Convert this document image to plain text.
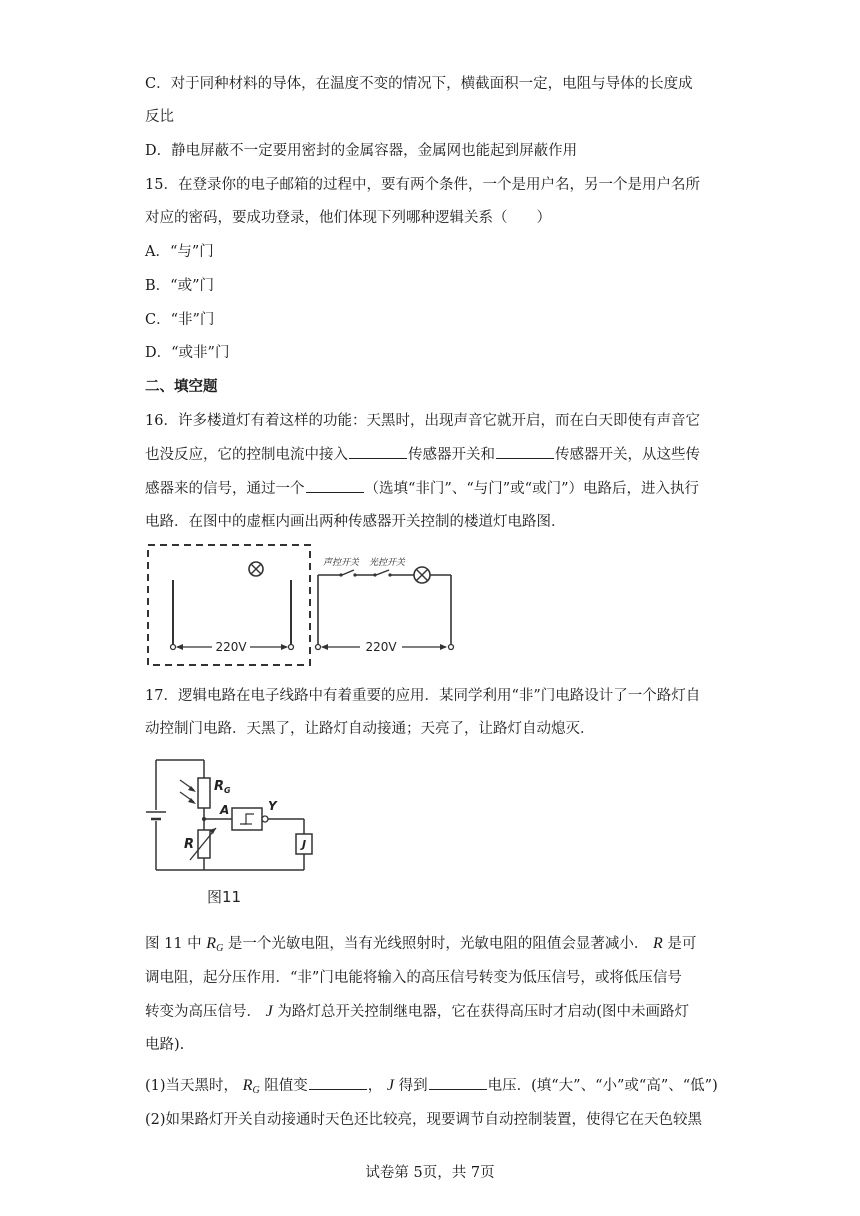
C．对于同种材料的导体，在温度不变的情况下，横截面积一定，电阻与导体的长度成
反比
D．静电屏蔽不一定要用密封的金属容器，金属网也能起到屏蔽作用
15．在登录你的电子邮箱的过程中，要有两个条件，一个是用户名，另一个是用户名所
对应的密码，要成功登录，他们体现下列哪种逻辑关系（　　）
A．“与”门
B．“或”门
C．“非”门
D．“或非”门
二、填空题
16．许多楼道灯有着这样的功能：天黑时，出现声音它就开启，而在白天即使有声音它
也没反应，它的控制电流中接入	传感器开关和	传感器开关，从这些传
感器来的信号，通过一个	（选填“非门”、“与门”或“或门”）电路后，进入执行
电路．在图中的虚框内画出两种传感器开关控制的楼道灯电路图．
220V
声控开关 光控开关
220V
17．逻辑电路在电子线路中有着重要的应用．某同学利用“非”门电路设计了一个路灯自
动控制门电路．天黑了，让路灯自动接通；天亮了，让路灯自动熄灭．
$R_G$
A	Y
J
R
图11
图 11 中 $R_G$ 是一个光敏电阻，当有光线照射时，光敏电阻的阻值会显著减小． R 是可
调电阻，起分压作用．“非”门电能将输入的高压信号转变为低压信号，或将低压信号
转变为高压信号． J 为路灯总开关控制继电器，它在获得高压时才启动(图中未画路灯
电路).
(1)当天黑时， $R_G$ 阻值变	， J 得到	电压．(填“大”、“小”或“高”、“低”)
(2)如果路灯开关自动接通时天色还比较亮，现要调节自动控制装置，使得它在天色较黑
试卷第 5页，共 7页
